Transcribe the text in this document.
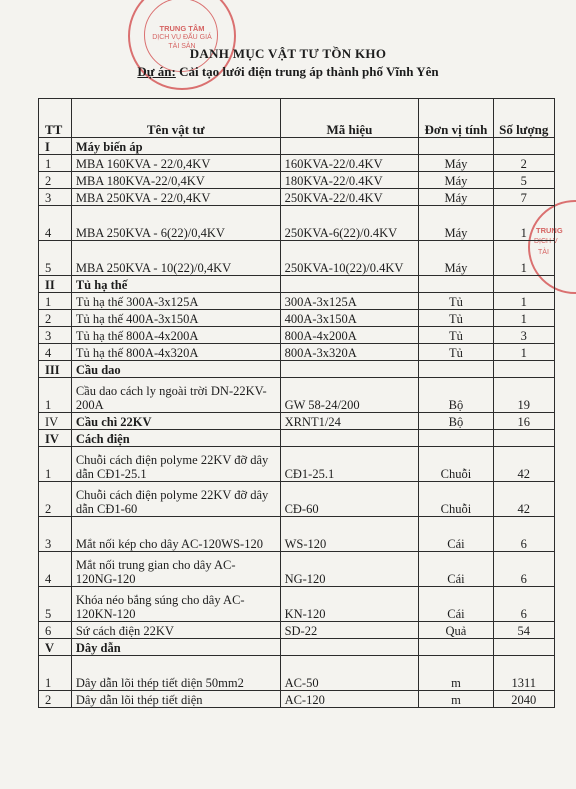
TRUNG TÂM
DỊCH VỤ ĐẤU GIÁ
TÀI SẢN
TRUNG
DỊCH V
TÀI
DANH MỤC VẬT TƯ TỒN KHO
Dự án: Cải tạo lưới điện trung áp thành phố Vĩnh Yên
TT	Tên vật tư	Mã hiệu	Đơn vị tính	Số lượng
I	Máy biến áp			
1	MBA 160KVA - 22/0,4KV	160KVA-22/0.4KV	Máy	2
2	MBA 180KVA-22/0,4KV	180KVA-22/0.4KV	Máy	5
3	MBA 250KVA - 22/0,4KV	250KVA-22/0.4KV	Máy	7
4	MBA 250KVA - 6(22)/0,4KV	250KVA-6(22)/0.4KV	Máy	1
5	MBA 250KVA - 10(22)/0,4KV	250KVA-10(22)/0.4KV	Máy	1
II	Tủ hạ thế			
1	Tủ hạ thế 300A-3x125A	300A-3x125A	Tủ	1
2	Tủ hạ thế 400A-3x150A	400A-3x150A	Tủ	1
3	Tủ hạ thế 800A-4x200A	800A-4x200A	Tủ	3
4	Tủ hạ thế 800A-4x320A	800A-3x320A	Tủ	1
III	Cầu dao			
1	Cầu dao cách ly ngoài trời DN-22KV-200A	GW 58-24/200	Bộ	19
IV	Cầu chì 22KV	XRNT1/24	Bộ	16
IV	Cách điện			
1	Chuỗi cách điện polyme 22KV đỡ dây dẫn CĐ1-25.1	CĐ1-25.1	Chuỗi	42
2	Chuỗi cách điện polyme 22KV đỡ dây dẫn CĐ1-60	CĐ-60	Chuỗi	42
3	Mắt nối kép cho dây AC-120WS-120	WS-120	Cái	6
4	Mắt nối trung gian cho dây AC-120NG-120	NG-120	Cái	6
5	Khóa néo bắng súng cho dây AC-120KN-120	KN-120	Cái	6
6	Sứ cách điện 22KV	SD-22	Quả	54
V	Dây dẫn			
1	Dây dẫn lõi thép tiết diện 50mm2	AC-50	m	1311
2	Dây dẫn lõi thép tiết diện	AC-120	m	2040
